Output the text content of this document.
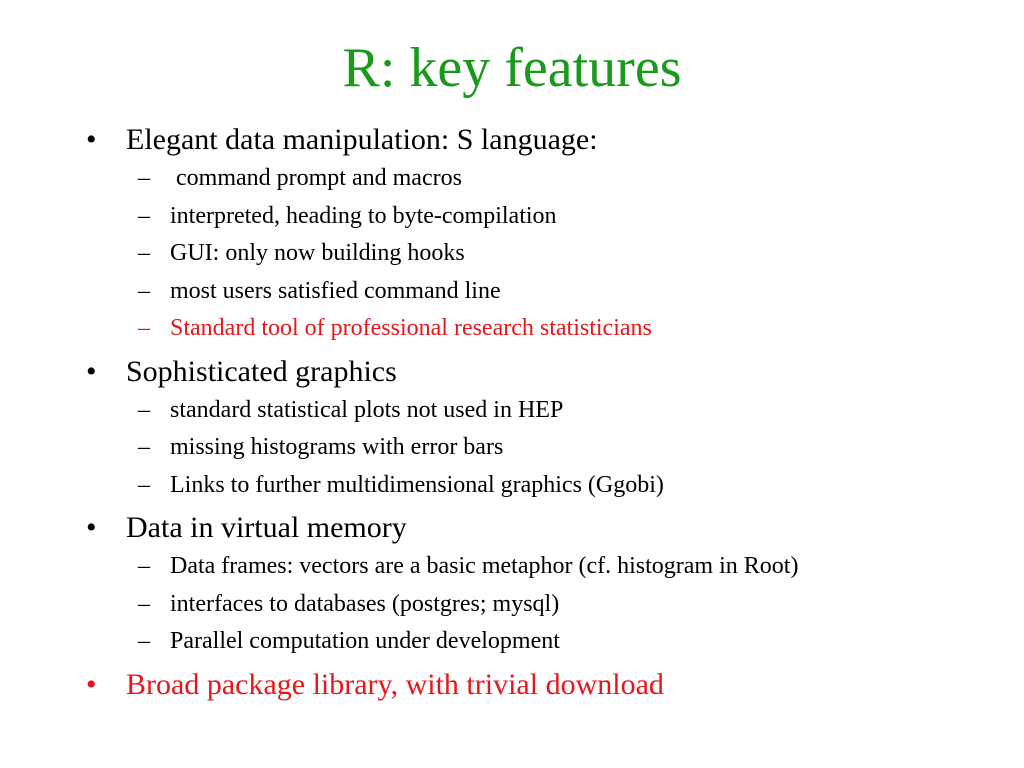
R: key features
• Elegant data manipulation: S language:
– command prompt and macros
– interpreted, heading to byte-compilation
– GUI: only now building hooks
– most users satisfied command line
– Standard tool of professional research statisticians
• Sophisticated graphics
– standard statistical plots not used in HEP
– missing histograms with error bars
– Links to further multidimensional graphics (Ggobi)
• Data in virtual memory
– Data frames: vectors are a basic metaphor (cf. histogram in Root)
– interfaces to databases (postgres; mysql)
– Parallel computation under development
• Broad package library, with trivial download
